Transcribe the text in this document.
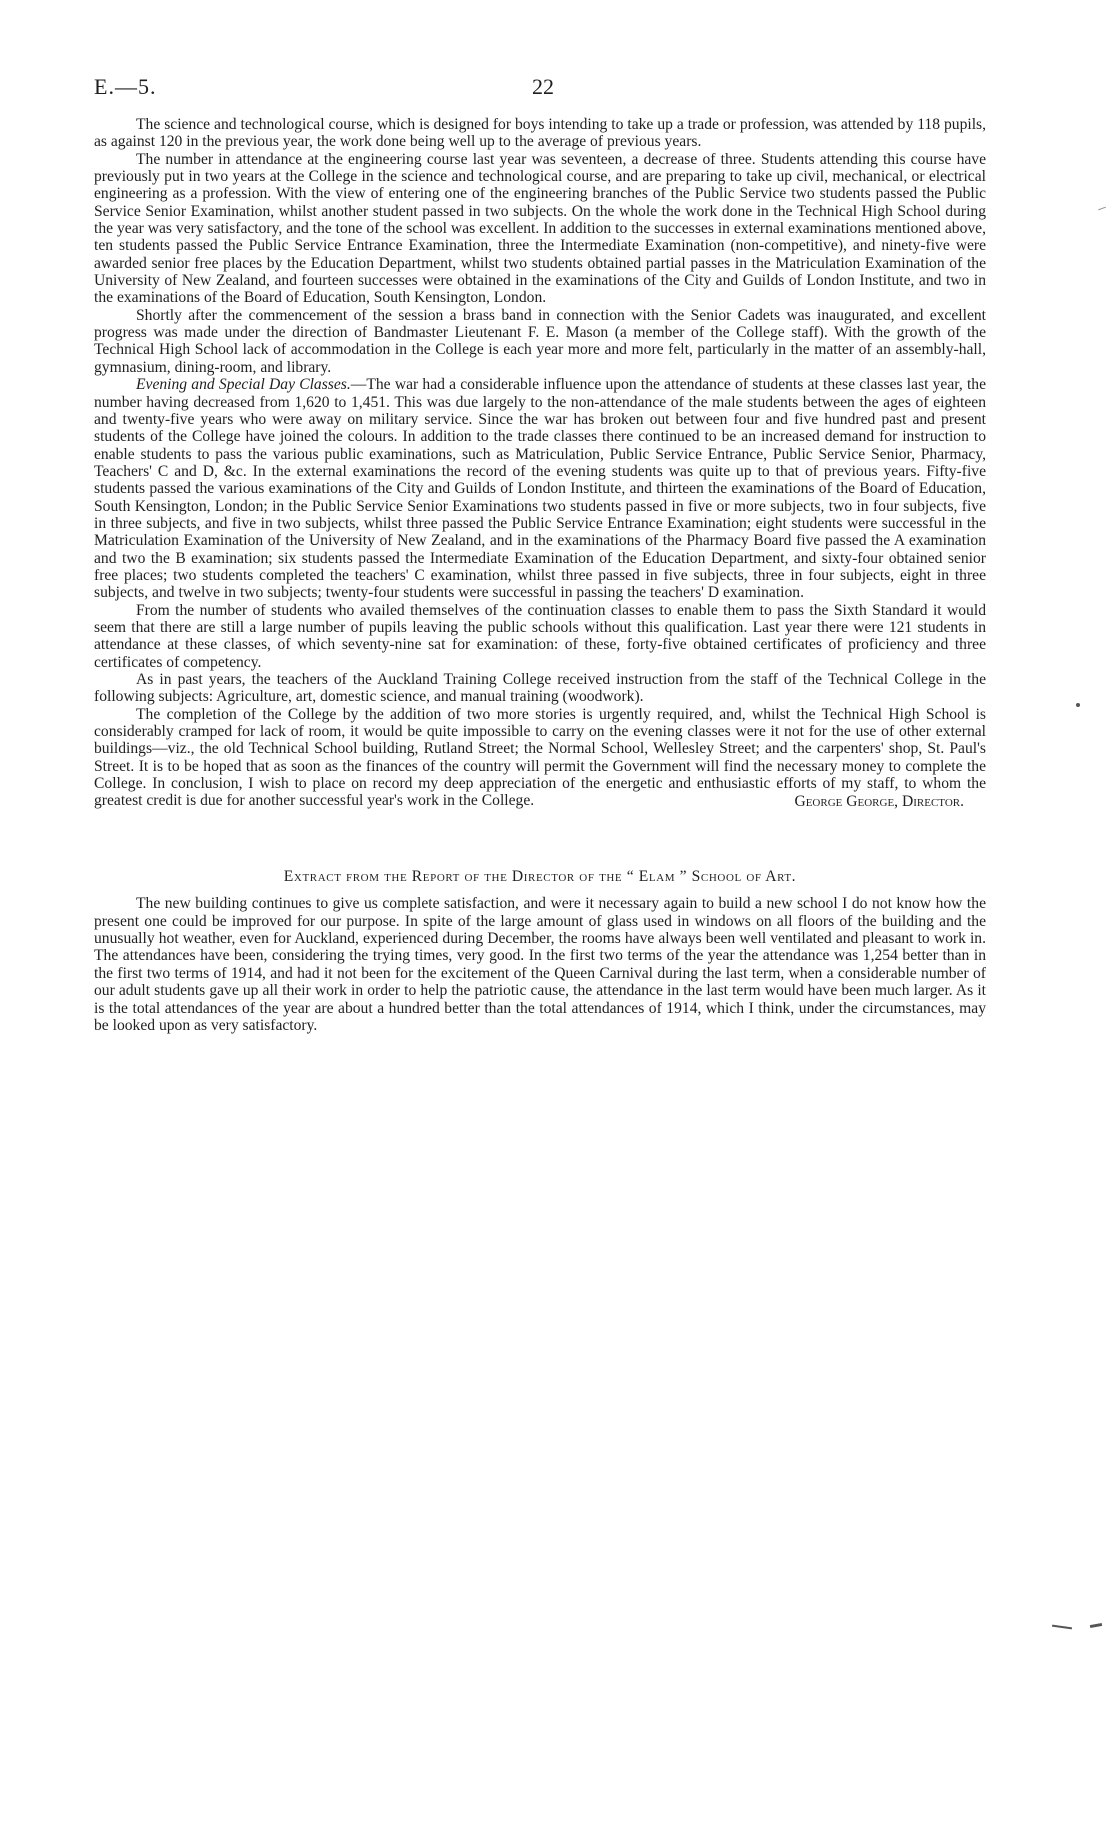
E.—5.	22

The science and technological course, which is designed for boys intending to take up a trade or profession, was attended by 118 pupils, as against 120 in the previous year, the work done being well up to the average of previous years.

The number in attendance at the engineering course last year was seventeen, a decrease of three. Students attending this course have previously put in two years at the College in the science and technological course, and are preparing to take up civil, mechanical, or electrical engineering as a profession. With the view of entering one of the engineering branches of the Public Service two students passed the Public Service Senior Examination, whilst another student passed in two subjects. On the whole the work done in the Technical High School during the year was very satisfactory, and the tone of the school was excellent. In addition to the successes in external examinations mentioned above, ten students passed the Public Service Entrance Examination, three the Intermediate Examination (non-competitive), and ninety-five were awarded senior free places by the Education Department, whilst two students obtained partial passes in the Matriculation Examination of the University of New Zealand, and fourteen successes were obtained in the examinations of the City and Guilds of London Institute, and two in the examinations of the Board of Education, South Kensington, London.

Shortly after the commencement of the session a brass band in connection with the Senior Cadets was inaugurated, and excellent progress was made under the direction of Bandmaster Lieutenant F. E. Mason (a member of the College staff). With the growth of the Technical High School lack of accommodation in the College is each year more and more felt, particularly in the matter of an assembly-hall, gymnasium, dining-room, and library.

Evening and Special Day Classes.—The war had a considerable influence upon the attendance of students at these classes last year, the number having decreased from 1,620 to 1,451. This was due largely to the non-attendance of the male students between the ages of eighteen and twenty-five years who were away on military service. Since the war has broken out between four and five hundred past and present students of the College have joined the colours. In addition to the trade classes there continued to be an increased demand for instruction to enable students to pass the various public examinations, such as Matriculation, Public Service Entrance, Public Service Senior, Pharmacy, Teachers' C and D, &c. In the external examinations the record of the evening students was quite up to that of previous years. Fifty-five students passed the various examinations of the City and Guilds of London Institute, and thirteen the examinations of the Board of Education, South Kensington, London; in the Public Service Senior Examinations two students passed in five or more subjects, two in four subjects, five in three subjects, and five in two subjects, whilst three passed the Public Service Entrance Examination; eight students were successful in the Matriculation Examination of the University of New Zealand, and in the examinations of the Pharmacy Board five passed the A examination and two the B examination; six students passed the Intermediate Examination of the Education Department, and sixty-four obtained senior free places; two students completed the teachers' C examination, whilst three passed in five subjects, three in four subjects, eight in three subjects, and twelve in two subjects; twenty-four students were successful in passing the teachers' D examination.

From the number of students who availed themselves of the continuation classes to enable them to pass the Sixth Standard it would seem that there are still a large number of pupils leaving the public schools without this qualification. Last year there were 121 students in attendance at these classes, of which seventy-nine sat for examination: of these, forty-five obtained certificates of proficiency and three certificates of competency.

As in past years, the teachers of the Auckland Training College received instruction from the staff of the Technical College in the following subjects: Agriculture, art, domestic science, and manual training (woodwork).

The completion of the College by the addition of two more stories is urgently required, and, whilst the Technical High School is considerably cramped for lack of room, it would be quite impossible to carry on the evening classes were it not for the use of other external buildings—viz., the old Technical School building, Rutland Street; the Normal School, Wellesley Street; and the carpenters' shop, St. Paul's Street. It is to be hoped that as soon as the finances of the country will permit the Government will find the necessary money to complete the College. In conclusion, I wish to place on record my deep appreciation of the energetic and enthusiastic efforts of my staff, to whom the greatest credit is due for another successful year's work in the College.	George George, Director.
Extract from the Report of the Director of the “ Elam ” School of Art.

The new building continues to give us complete satisfaction, and were it necessary again to build a new school I do not know how the present one could be improved for our purpose. In spite of the large amount of glass used in windows on all floors of the building and the unusually hot weather, even for Auckland, experienced during December, the rooms have always been well ventilated and pleasant to work in. The attendances have been, considering the trying times, very good. In the first two terms of the year the attendance was 1,254 better than in the first two terms of 1914, and had it not been for the excitement of the Queen Carnival during the last term, when a considerable number of our adult students gave up all their work in order to help the patriotic cause, the attendance in the last term would have been much larger. As it is the total attendances of the year are about a hundred better than the total attendances of 1914, which I think, under the circumstances, may be looked upon as very satisfactory.
